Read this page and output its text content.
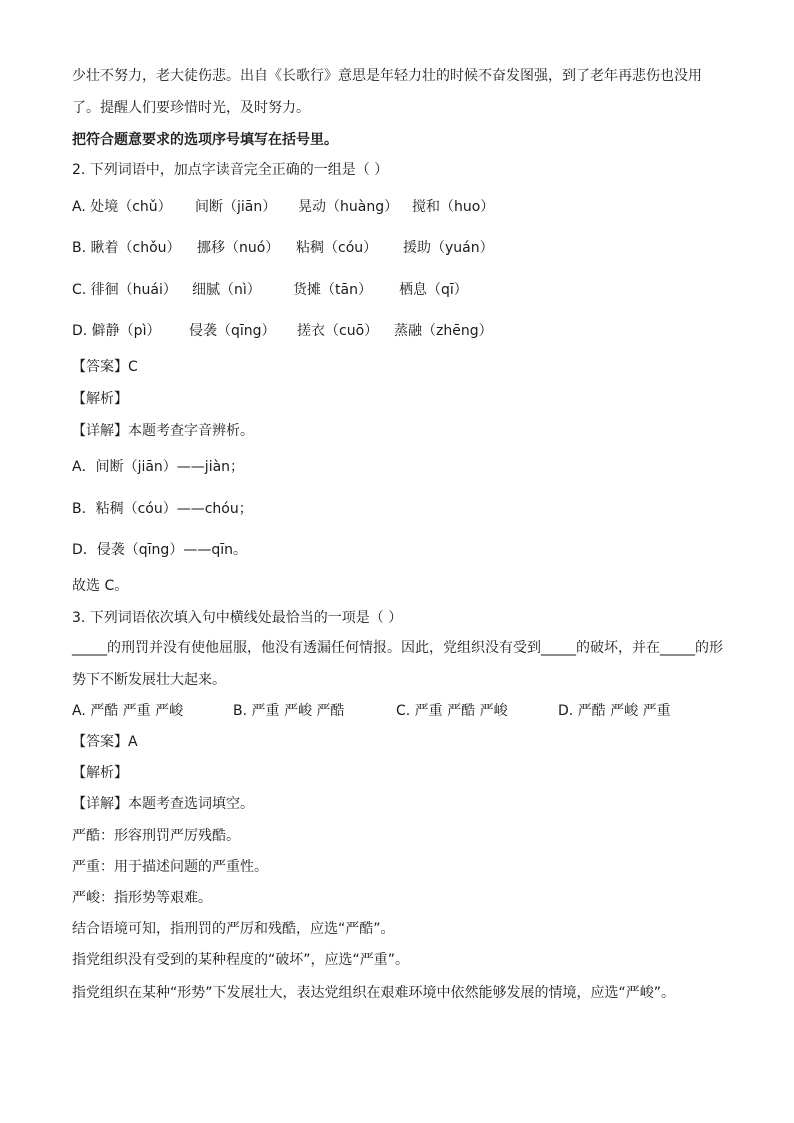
少壮不努力，老大徒伤悲。出自《长歌行》意思是年轻力壮的时候不奋发图强，到了老年再悲伤也没用
了。提醒人们要珍惜时光，及时努力。
把符合题意要求的选项序号填写在括号里。
2. 下列词语中，加点字读音完全正确的一组是（ ）
A. 处境（chǔ） 间断（jiān） 晃动（huàng） 搅和（huo）
B. 瞅着（chǒu） 挪移（nuó） 粘稠（cóu） 援助（yuán）
C. 徘徊（huái） 细腻（nì） 货摊（tān） 栖息（qī）
D. 僻静（pì） 侵袭（qīng） 搓衣（cuō） 蒸融（zhēng）
【答案】C
【解析】
【详解】本题考查字音辨析。
A．间断（jiān）——jiàn；
B．粘稠（cóu）——chóu；
D．侵袭（qīng）——qīn。
故选 C。
3. 下列词语依次填入句中横线处最恰当的一项是（ ）
_____的刑罚并没有使他屈服，他没有透漏任何情报。因此，党组织没有受到_____的破坏，并在_____的形
势下不断发展壮大起来。
A. 严酷 严重 严峻	B. 严重 严峻 严酷	C. 严重 严酷 严峻	D. 严酷 严峻 严重
【答案】A
【解析】
【详解】本题考查选词填空。
严酷：形容刑罚严厉残酷。
严重：用于描述问题的严重性。
严峻：指形势等艰难。
结合语境可知，指刑罚的严厉和残酷，应选“严酷”。
指党组织没有受到的某种程度的“破坏”，应选“严重”。
指党组织在某种“形势”下发展壮大，表达党组织在艰难环境中依然能够发展的情境，应选“严峻”。
